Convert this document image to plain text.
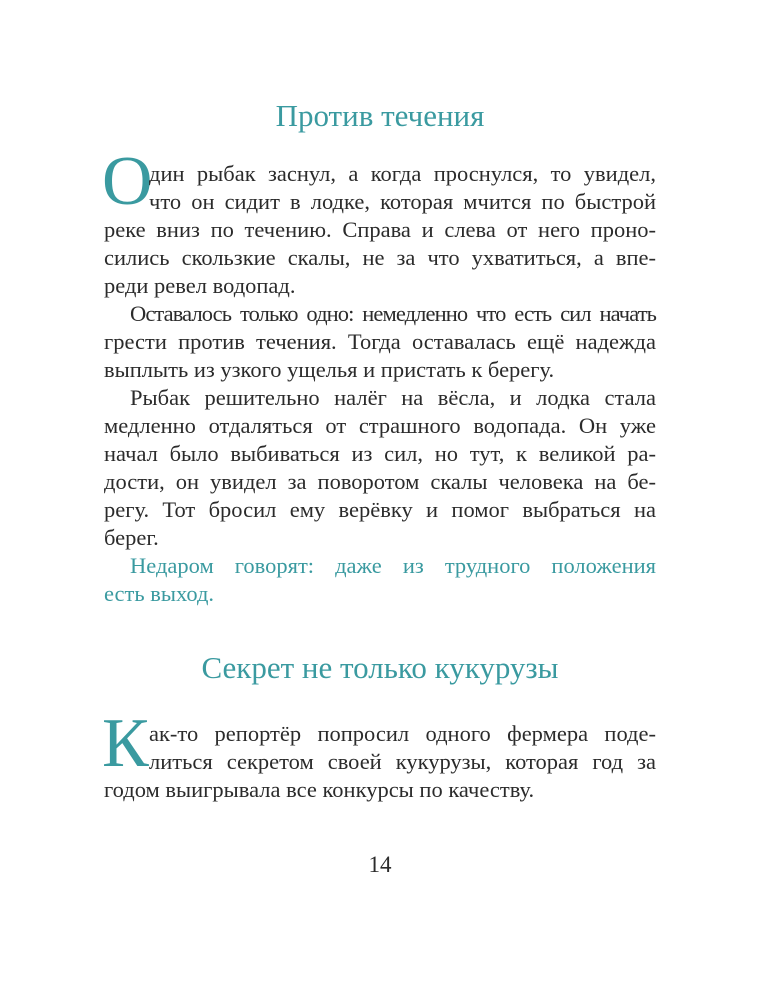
Против течения
О
дин рыбак заснул, а когда проснулся, то увидел,
что он сидит в лодке, которая мчится по быстрой
реке вниз по течению. Справа и слева от него проно-
сились скользкие скалы, не за что ухватиться, а впе-
реди ревел водопад.
Оставалось только одно: немедленно что есть сил начать
грести против течения. Тогда оставалась ещё надежда
выплыть из узкого ущелья и пристать к берегу.
Рыбак решительно налёг на вёсла, и лодка стала
медленно отдаляться от страшного водопада. Он уже
начал было выбиваться из сил, но тут, к великой ра-
дости, он увидел за поворотом скалы человека на бе-
регу. Тот бросил ему верёвку и помог выбраться на
берег.
Недаром говорят: даже из трудного положения
есть выход.
Секрет не только кукурузы
К ак-то репортёр попросил одного фермера поде-
литься секретом своей кукурузы, которая год за
годом выигрывала все конкурсы по качеству.
14
